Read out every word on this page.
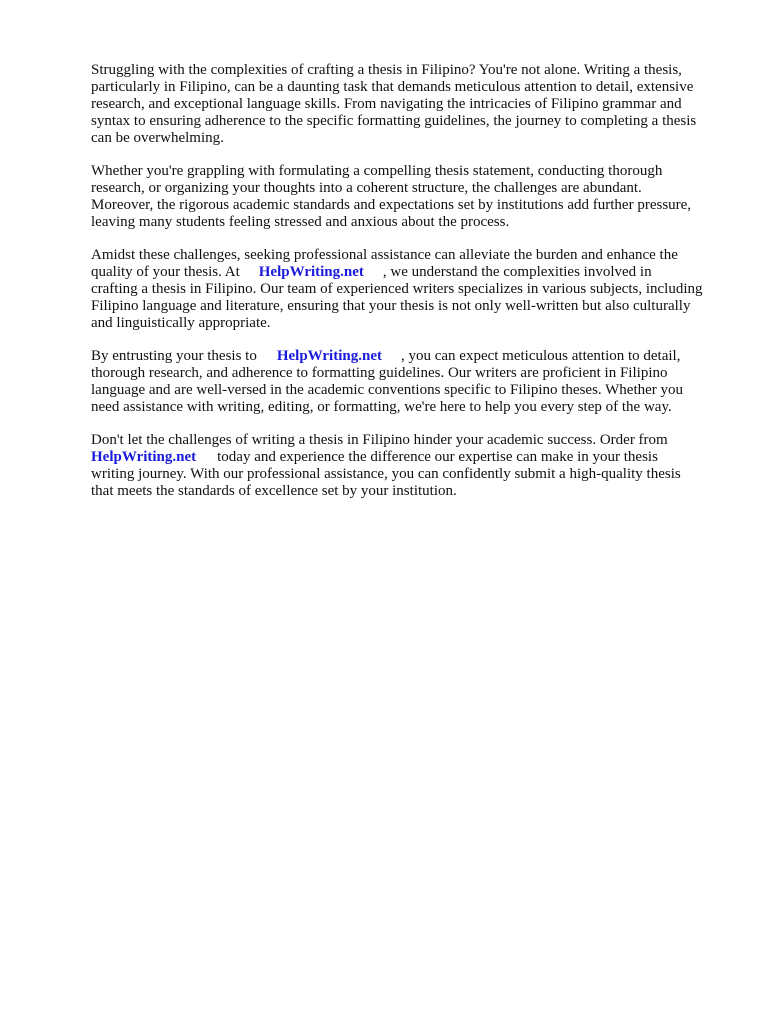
Struggling with the complexities of crafting a thesis in Filipino? You're not alone. Writing a thesis,
particularly in Filipino, can be a daunting task that demands meticulous attention to detail, extensive
research, and exceptional language skills. From navigating the intricacies of Filipino grammar and
syntax to ensuring adherence to the specific formatting guidelines, the journey to completing a thesis
can be overwhelming.
Whether you're grappling with formulating a compelling thesis statement, conducting thorough
research, or organizing your thoughts into a coherent structure, the challenges are abundant.
Moreover, the rigorous academic standards and expectations set by institutions add further pressure,
leaving many students feeling stressed and anxious about the process.
Amidst these challenges, seeking professional assistance can alleviate the burden and enhance the
quality of your thesis. At HelpWriting.net , we understand the complexities involved in
crafting a thesis in Filipino. Our team of experienced writers specializes in various subjects, including
Filipino language and literature, ensuring that your thesis is not only well-written but also culturally
and linguistically appropriate.
By entrusting your thesis to HelpWriting.net , you can expect meticulous attention to detail,
thorough research, and adherence to formatting guidelines. Our writers are proficient in Filipino
language and are well-versed in the academic conventions specific to Filipino theses. Whether you
need assistance with writing, editing, or formatting, we're here to help you every step of the way.
Don't let the challenges of writing a thesis in Filipino hinder your academic success. Order from
HelpWriting.net today and experience the difference our expertise can make in your thesis
writing journey. With our professional assistance, you can confidently submit a high-quality thesis
that meets the standards of excellence set by your institution.
